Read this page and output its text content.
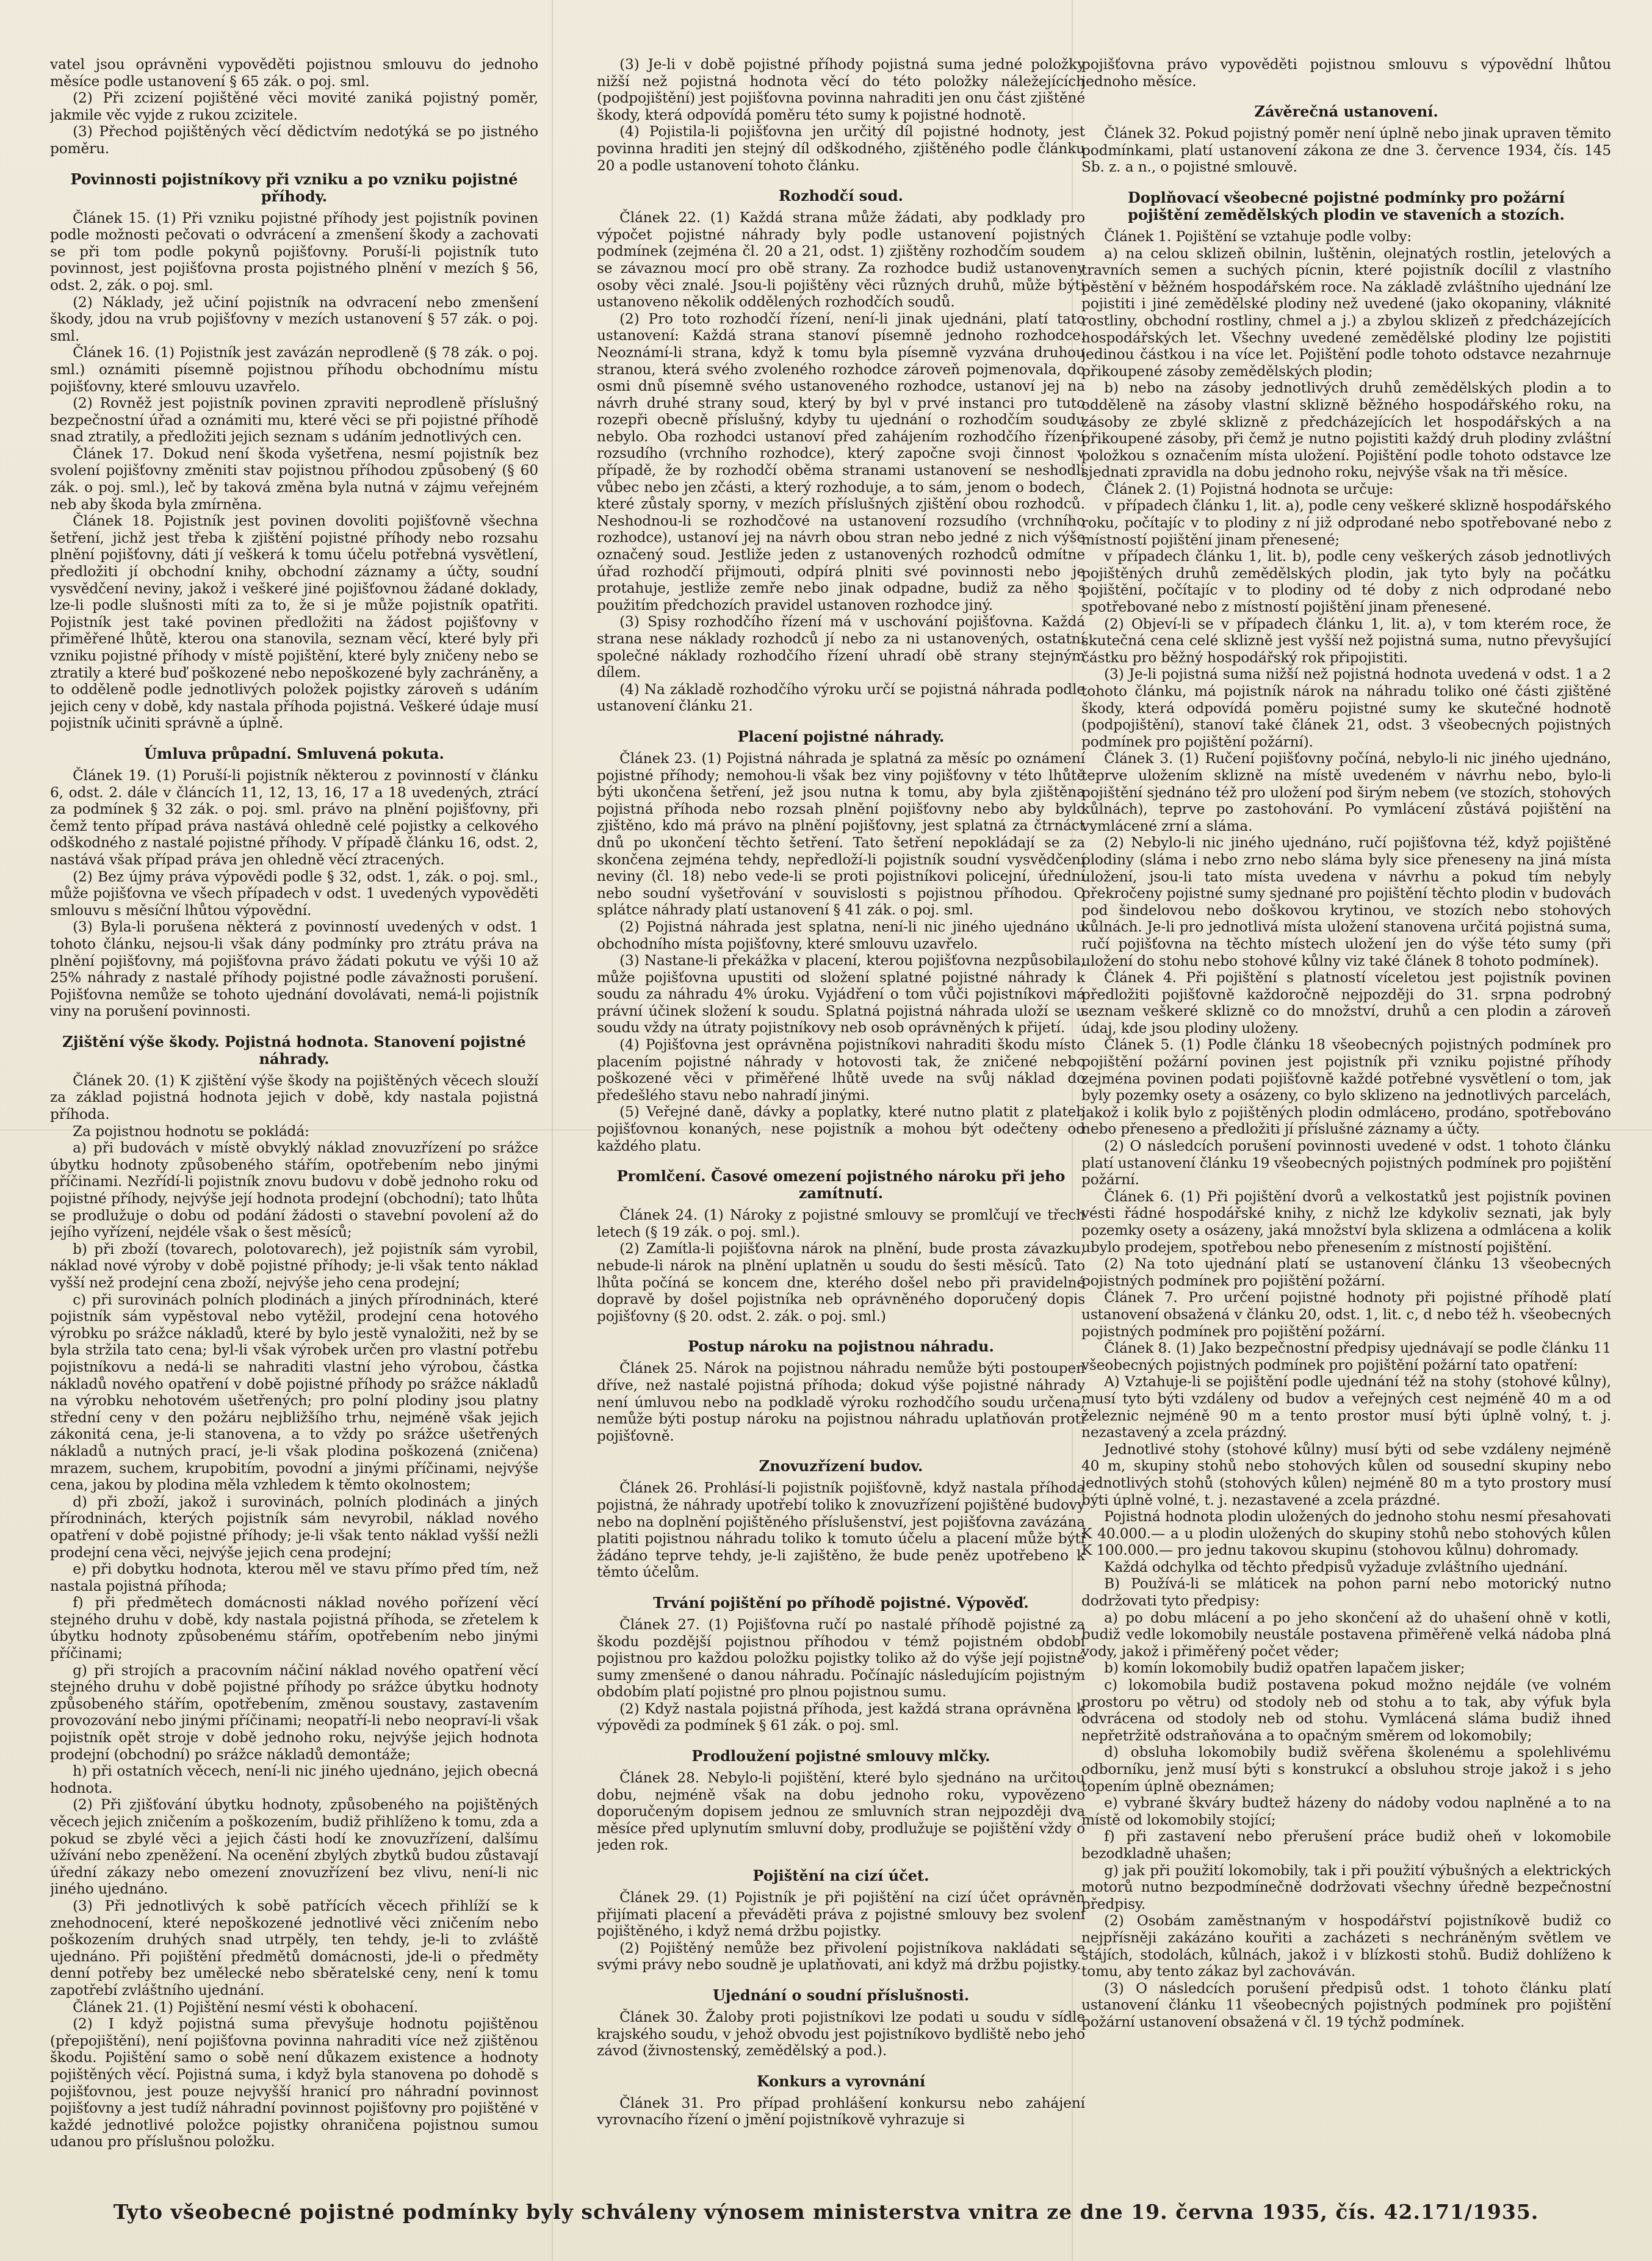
vatel jsou oprávněni vypověděti pojistnou smlouvu do jednoho měsíce podle ustanovení § 65 zák. o poj. sml.

(2) Při zcizení pojištěné věci movité zaniká pojistný poměr, jakmile věc vyjde z rukou zcizitele.

(3) Přechod pojištěných věcí dědictvím nedotýká se po jistného poměru.

Povinnosti pojistníkovy při vzniku a po vzniku pojistné příhody.

Článek 15. (1) Při vzniku pojistné příhody jest pojistník povinen podle možnosti pečovati o odvrácení a zmenšení škody a zachovati se při tom podle pokynů pojišťovny. Poruší-li pojistník tuto povinnost, jest pojišťovna prosta pojistného plnění v mezích § 56, odst. 2, zák. o poj. sml.

(2) Náklady, jež učiní pojistník na odvracení nebo zmenšení škody, jdou na vrub pojišťovny v mezích ustanovení § 57 zák. o poj. sml.

Článek 16. (1) Pojistník jest zavázán neprodleně (§ 78 zák. o poj. sml.) oznámiti písemně pojistnou příhodu obchodnímu místu pojišťovny, které smlouvu uzavřelo.

(2) Rovněž jest pojistník povinen zpraviti neprodleně příslušný bezpečnostní úřad a oznámiti mu, které věci se při pojistné příhodě snad ztratily, a předložiti jejich seznam s udáním jednotlivých cen.

Článek 17. Dokud není škoda vyšetřena, nesmí pojistník bez svolení pojišťovny změniti stav pojistnou příhodou způsobený (§ 60 zák. o poj. sml.), leč by taková změna byla nutná v zájmu veřejném neb aby škoda byla zmírněna.

Článek 18. Pojistník jest povinen dovoliti pojišťovně všechna šetření, jichž jest třeba k zjištění pojistné příhody nebo rozsahu plnění pojišťovny, dáti jí veškerá k tomu účelu potřebná vysvětlení, předložiti jí obchodní knihy, obchodní záznamy a účty, soudní vysvědčení neviny, jakož i veškeré jiné pojišťovnou žádané doklady, lze-li podle slušnosti míti za to, že si je může pojistník opatřiti. Pojistník jest také povinen předložiti na žádost pojišťovny v přiměřené lhůtě, kterou ona stanovila, seznam věcí, které byly při vzniku pojistné příhody v místě pojištění, které byly zničeny nebo se ztratily a které buď poškozené nebo nepoškozené byly zachráněny, a to odděleně podle jednotlivých položek pojistky zároveň s udáním jejich ceny v době, kdy nastala příhoda pojistná. Veškeré údaje musí pojistník učiniti správně a úplně.

Úmluva průpadní. Smluvená pokuta.

Článek 19. (1) Poruší-li pojistník některou z povinností v článku 6, odst. 2. dále v článcích 11, 12, 13, 16, 17 a 18 uvedených, ztrácí za podmínek § 32 zák. o poj. sml. právo na plnění pojišťovny, při čemž tento případ práva nastává ohledně celé pojistky a celkového odškodného z nastalé pojistné příhody. V případě článku 16, odst. 2, nastává však případ práva jen ohledně věcí ztracených.

(2) Bez újmy práva výpovědi podle § 32, odst. 1, zák. o poj. sml., může pojišťovna ve všech případech v odst. 1 uvedených vypověděti smlouvu s měsíční lhůtou výpovědní.

(3) Byla-li porušena některá z povinností uvedených v odst. 1 tohoto článku, nejsou-li však dány podmínky pro ztrátu práva na plnění pojišťovny, má pojišťovna právo žádati pokutu ve výši 10 až 25% náhrady z nastalé příhody pojistné podle závažnosti porušení. Pojišťovna nemůže se tohoto ujednání dovolávati, nemá-li pojistník viny na porušení povinnosti.

Zjištění výše škody. Pojistná hodnota. Stanovení pojistné náhrady.

Článek 20. (1) K zjištění výše škody na pojištěných věcech slouží za základ pojistná hodnota jejich v době, kdy nastala pojistná příhoda.

Za pojistnou hodnotu se pokládá:

a) při budovách v místě obvyklý náklad znovuzřízení po srážce úbytku hodnoty způsobeného stářím, opotřebením nebo jinými příčinami. Nezřídí-li pojistník znovu budovu v době jednoho roku od pojistné příhody, nejvýše její hodnota prodejní (obchodní); tato lhůta se prodlužuje o dobu od podání žádosti o stavební povolení až do jejího vyřízení, nejdéle však o šest měsíců;

b) při zboží (tovarech, polotovarech), jež pojistník sám vyrobil, náklad nové výroby v době pojistné příhody; je-li však tento náklad vyšší než prodejní cena zboží, nejvýše jeho cena prodejní;

c) při surovinách polních plodinách a jiných přírodninách, které pojistník sám vypěstoval nebo vytěžil, prodejní cena hotového výrobku po srážce nákladů, které by bylo jestě vynaložiti, než by se byla stržila tato cena; byl-li však výrobek určen pro vlastní potřebu pojistníkovu a nedá-li se nahraditi vlastní jeho výrobou, částka nákladů nového opatření v době pojistné příhody po srážce nákladů na výrobku nehotovém ušetřených; pro polní plodiny jsou platny střední ceny v den požáru nejbližšího trhu, nejméně však jejich zákonitá cena, je-li stanovena, a to vždy po srážce ušetřených nákladů a nutných prací, je-li však plodina poškozená (zničena) mrazem, suchem, krupobitím, povodní a jinými příčinami, nejvýše cena, jakou by plodina měla vzhledem k těmto okolnostem;

d) při zboží, jakož i surovinách, polních plodinách a jiných přírodninách, kterých pojistník sám nevyrobil, náklad nového opatření v době pojistné příhody; je-li však tento náklad vyšší nežli prodejní cena věci, nejvýše jejich cena prodejní;

e) při dobytku hodnota, kterou měl ve stavu přímo před tím, než nastala pojistná příhoda;

f) při předmětech domácnosti náklad nového pořízení věcí stejného druhu v době, kdy nastala pojistná příhoda, se zřetelem k úbytku hodnoty způsobenému stářím, opotřebením nebo jinými příčinami;

g) při strojích a pracovním náčiní náklad nového opatření věcí stejného druhu v době pojistné příhody po srážce úbytku hodnoty způsobeného stářím, opotřebením, změnou soustavy, zastavením provozování nebo jinými příčinami; neopatří-li nebo neopraví-li však pojistník opět stroje v době jednoho roku, nejvýše jejich hodnota prodejní (obchodní) po srážce nákladů demontáže;

h) při ostatních věcech, není-li nic jiného ujednáno, jejich obecná hodnota.

(2) Při zjišťování úbytku hodnoty, způsobeného na pojištěných věcech jejich zničením a poškozením, budiž přihlíženo k tomu, zda a pokud se zbylé věci a jejich části hodí ke znovuzřízení, dalšímu užívání nebo zpeněžení. Na ocenění zbylých zbytků budou zůstavají úřední zákazy nebo omezení znovuzřízení bez vlivu, není-li nic jiného ujednáno.

(3) Při jednotlivých k sobě patřících věcech přihlíží se k znehodnocení, které nepoškozené jednotlivé věci zničením nebo poškozením druhých snad utrpěly, ten tehdy, je-li to zvláště ujednáno. Při pojištění předmětů domácnosti, jde-li o předměty denní potřeby bez umělecké nebo sběratelské ceny, není k tomu zapotřebí zvláštního ujednání.

Článek 21. (1) Pojištění nesmí vésti k obohacení.

(2) I když pojistná suma převyšuje hodnotu pojištěnou (přepojištění), není pojišťovna povinna nahraditi více než zjištěnou škodu. Pojištění samo o sobě není důkazem existence a hodnoty pojištěných věcí. Pojistná suma, i když byla stanovena po dohodě s pojišťovnou, jest pouze nejvyšší hranicí pro náhradní povinnost pojišťovny a jest tudíž náhradní povinnost pojišťovny pro pojištěné v každé jednotlivé položce pojistky ohraničena pojistnou sumou udanou pro příslušnou položku.

(3) Je-li v době pojistné příhody pojistná suma jedné položky nižší než pojistná hodnota věcí do této položky náležejících (podpojištění) jest pojišťovna povinna nahraditi jen onu část zjištěné škody, která odpovídá poměru této sumy k pojistné hodnotě.

(4) Pojistila-li pojišťovna jen určitý díl pojistné hodnoty, jest povinna hraditi jen stejný díl odškodného, zjištěného podle článku 20 a podle ustanovení tohoto článku.

Rozhodčí soud.

Článek 22. (1) Každá strana může žádati, aby podklady pro výpočet pojistné náhrady byly podle ustanovení pojistných podmínek (zejména čl. 20 a 21, odst. 1) zjištěny rozhodčím soudem se závaznou mocí pro obě strany. Za rozhodce budiž ustanoveny osoby věci znalé. Jsou-li pojištěny věci různých druhů, může býti ustanoveno několik oddělených rozhodčích soudů.

(2) Pro toto rozhodčí řízení, není-li jinak ujednáni, platí tato ustanovení: Každá strana stanoví písemně jednoho rozhodce. Neoznámí-li strana, když k tomu byla písemně vyzvána druhou stranou, která svého zvoleného rozhodce zároveň pojmenovala, do osmi dnů písemně svého ustanoveného rozhodce, ustanoví jej na návrh druhé strany soud, který by byl v prvé instanci pro tuto rozepři obecně příslušný, kdyby tu ujednání o rozhodčím soudu nebylo. Oba rozhodci ustanoví před zahájením rozhodčího řízení rozsudího (vrchního rozhodce), který započne svoji činnost v případě, že by rozhodčí oběma stranami ustanovení se neshodli vůbec nebo jen zčásti, a který rozhoduje, a to sám, jenom o bodech, které zůstaly sporny, v mezích příslušných zjištění obou rozhodců. Neshodnou-li se rozhodčové na ustanovení rozsudího (vrchního rozhodce), ustanoví jej na návrh obou stran nebo jedné z nich výše označený soud. Jestliže jeden z ustanovených rozhodců odmítne úřad rozhodčí přijmouti, odpírá plniti své povinnosti nebo je protahuje, jestliže zemře nebo jinak odpadne, budiž za něho s použitím předchozích pravidel ustanoven rozhodce jiný.

(3) Spisy rozhodčího řízení má v uschování pojišťovna. Každá strana nese náklady rozhodců jí nebo za ni ustanovených, ostatní společné náklady rozhodčího řízení uhradí obě strany stejným dílem.

(4) Na základě rozhodčího výroku určí se pojistná náhrada podle ustanovení článku 21.

Placení pojistné náhrady.

Článek 23. (1) Pojistná náhrada je splatná za měsíc po oznámení pojistné příhody; nemohou-li však bez viny pojišťovny v této lhůtě býti ukončena šetření, jež jsou nutna k tomu, aby byla zjištěna pojistná příhoda nebo rozsah plnění pojišťovny nebo aby bylo zjištěno, kdo má právo na plnění pojišťovny, jest splatná za čtrnáct dnů po ukončení těchto šetření. Tato šetření nepokládají se za skončena zejména tehdy, nepředloží-li pojistník soudní vysvědčení neviny (čl. 18) nebo vede-li se proti pojistníkovi policejní, úřední nebo soudní vyšetřování v souvislosti s pojistnou příhodou. O splátce náhrady platí ustanovení § 41 zák. o poj. sml.

(2) Pojistná náhrada jest splatna, není-li nic jiného ujednáno u obchodního místa pojišťovny, které smlouvu uzavřelo.

(3) Nastane-li překážka v placení, kterou pojišťovna nezpůsobila, může pojišťovna upustiti od složení splatné pojistné náhrady k soudu za náhradu 4% úroku. Vyjádření o tom vůči pojistníkovi má právní účinek složení k soudu. Splatná pojistná náhrada uloží se u soudu vždy na útraty pojistníkovy neb osob oprávněných k přijetí.

(4) Pojišťovna jest oprávněna pojistníkovi nahraditi škodu místo placením pojistné náhrady v hotovosti tak, že zničené nebo poškozené věci v přiměřené lhůtě uvede na svůj náklad do předešlého stavu nebo nahradí jinými.

(5) Veřejné daně, dávky a poplatky, které nutno platit z plateb pojišťovnou konaných, nese pojistník a mohou být odečteny od každého platu.

Promlčení. Časové omezení pojistného nároku při jeho zamítnutí.

Článek 24. (1) Nároky z pojistné smlouvy se promlčují ve třech letech (§ 19 zák. o poj. sml.).

(2) Zamítla-li pojišťovna nárok na plnění, bude prosta závazku, nebude-li nárok na plnění uplatněn u soudu do šesti měsíců. Tato lhůta počíná se koncem dne, kterého došel nebo při pravidelné dopravě by došel pojistníka neb oprávněného doporučený dopis pojišťovny (§ 20. odst. 2. zák. o poj. sml.)

Postup nároku na pojistnou náhradu.

Článek 25. Nárok na pojistnou náhradu nemůže býti postoupen dříve, než nastalé pojistná příhoda; dokud výše pojistné náhrady není úmluvou nebo na podkladě výroku rozhodčího soudu určena, nemůže býti postup nároku na pojistnou náhradu uplatňován proti pojišťovně.

Znovuzřízení budov.

Článek 26. Prohlásí-li pojistník pojišťovně, když nastala příhoda pojistná, že náhrady upotřebí toliko k znovuzřízení pojištěné budovy nebo na doplnění pojištěného příslušenství, jest pojišťovna zavázána platiti pojistnou náhradu toliko k tomuto účelu a placení může býti žádáno teprve tehdy, je-li zajištěno, že bude peněz upotřebeno k těmto účelům.

Trvání pojištění po příhodě pojistné. Výpověď.

Článek 27. (1) Pojišťovna ručí po nastalé příhodě pojistné za škodu pozdější pojistnou příhodou v témž pojistném období pojistnou pro každou položku pojistky toliko až do výše její pojistné sumy zmenšené o danou náhradu. Počínajíc následujícím pojistným obdobím platí pojistné pro plnou pojistnou sumu.

(2) Když nastala pojistná příhoda, jest každá strana oprávněna k výpovědi za podmínek § 61 zák. o poj. sml.

Prodloužení pojistné smlouvy mlčky.

Článek 28. Nebylo-li pojištění, které bylo sjednáno na určitou dobu, nejméně však na dobu jednoho roku, vypovězeno doporučeným dopisem jednou ze smluvních stran nejpozději dva měsíce před uplynutím smluvní doby, prodlužuje se pojištění vždy o jeden rok.

Pojištění na cizí účet.

Článek 29. (1) Pojistník je při pojištění na cizí účet oprávněn přijímati placení a převáděti práva z pojistné smlouvy bez svolení pojištěného, i když nemá držbu pojistky.

(2) Pojištěný nemůže bez přivolení pojistníkova nakládati se svými právy nebo soudně je uplatňovati, ani když má držbu pojistky.

Ujednání o soudní příslušnosti.

Článek 30. Žaloby proti pojistníkovi lze podati u soudu v sídle krajského soudu, v jehož obvodu jest pojistníkovo bydliště nebo jeho závod (živnostenský, zemědělský a pod.).

Konkurs a vyrovnání

Článek 31. Pro případ prohlášení konkursu nebo zahájení vyrovnacího řízení o jmění pojistníkově vyhrazuje si

pojišťovna právo vypověděti pojistnou smlouvu s výpovědní lhůtou jednoho měsíce.

Závěrečná ustanovení.

Článek 32. Pokud pojistný poměr není úplně nebo jinak upraven těmito podmínkami, platí ustanovení zákona ze dne 3. července 1934, čís. 145 Sb. z. a n., o pojistné smlouvě.

Doplňovací všeobecné pojistné podmínky pro požární pojištění zemědělských plodin ve staveních a stozích.

Článek 1. Pojištění se vztahuje podle volby:

a) na celou sklizeň obilnin, luštěnin, olejnatých rostlin, jetelových a travních semen a suchých pícnin, které pojistník docílil z vlastního pěstění v běžném hospodářském roce. Na základě zvláštního ujednání lze pojistiti i jiné zemědělské plodiny než uvedené (jako okopaniny, vláknité rostliny, obchodní rostliny, chmel a j.) a zbylou sklizeň z předcházejících hospodářských let. Všechny uvedené zemědělské plodiny lze pojistiti jedinou částkou i na více let. Pojištění podle tohoto odstavce nezahrnuje přikoupené zásoby zemědělských plodin;

b) nebo na zásoby jednotlivých druhů zemědělských plodin a to odděleně na zásoby vlastní sklizně běžného hospodářského roku, na zásoby ze zbylé sklizně z předcházejících let hospodářských a na přikoupené zásoby, při čemž je nutno pojistiti každý druh plodiny zvláštní položkou s označením místa uložení. Pojištění podle tohoto odstavce lze sjednati zpravidla na dobu jednoho roku, nejvýše však na tři měsíce.

Článek 2. (1) Pojistná hodnota se určuje:

v případech článku 1, lit. a), podle ceny veškeré sklizně hospodářského roku, počítajíc v to plodiny z ní již odprodané nebo spotřebované nebo z místností pojištění jinam přenesené;

v případech článku 1, lit. b), podle ceny veškerých zásob jednotlivých pojištěných druhů zemědělských plodin, jak tyto byly na počátku pojištění, počítajíc v to plodiny od té doby z nich odprodané nebo spotřebované nebo z místností pojištění jinam přenesené.

(2) Objeví-li se v případech článku 1, lit. a), v tom kterém roce, že skutečná cena celé sklizně jest vyšší než pojistná suma, nutno převyšující částku pro běžný hospodářský rok připojistiti.

(3) Je-li pojistná suma nižší než pojistná hodnota uvedená v odst. 1 a 2 tohoto článku, má pojistník nárok na náhradu toliko oné části zjištěné škody, která odpovídá poměru pojistné sumy ke skutečné hodnotě (podpojištění), stanoví také článek 21, odst. 3 všeobecných pojistných podmínek pro pojištění požární).

Článek 3. (1) Ručení pojišťovny počíná, nebylo-li nic jiného ujednáno, teprve uložením sklizně na místě uvedeném v návrhu nebo, bylo-li pojištění sjednáno též pro uložení pod širým nebem (ve stozích, stohových kůlnách), teprve po zastohování. Po vymlácení zůstává pojištění na vymlácené zrní a sláma.

(2) Nebylo-li nic jiného ujednáno, ručí pojišťovna též, když pojištěné plodiny (sláma i nebo zrno nebo sláma byly sice přeneseny na jiná místa uložení, jsou-li tato místa uvedena v návrhu a pokud tím nebyly překročeny pojistné sumy sjednané pro pojištění těchto plodin v budovách pod šindelovou nebo doškovou krytinou, ve stozích nebo stohových kůlnách. Je-li pro jednotlivá místa uložení stanovena určitá pojistná suma, ručí pojišťovna na těchto místech uložení jen do výše této sumy (při uložení do stohu nebo stohové kůlny viz také článek 8 tohoto podmínek).

Článek 4. Při pojištění s platností víceletou jest pojistník povinen předložiti pojišťovně každoročně nejpozději do 31. srpna podrobný seznam veškeré sklizně co do množství, druhů a cen plodin a zároveň údaj, kde jsou plodiny uloženy.

Článek 5. (1) Podle článku 18 všeobecných pojistných podmínek pro pojištění požární povinen jest pojistník při vzniku pojistné příhody zejména povinen podati pojišťovně každé potřebné vysvětlení o tom, jak byly pozemky osety a osázeny, co bylo sklizeno na jednotlivých parcelách, jakož i kolik bylo z pojištěných plodin odmlácено, prodáno, spotřebováno nebo přeneseno a předložiti jí příslušné záznamy a účty.

(2) O následcích porušení povinnosti uvedené v odst. 1 tohoto článku platí ustanovení článku 19 všeobecných pojistných podmínek pro pojištění požární.

Článek 6. (1) Při pojištění dvorů a velkostatků jest pojistník povinen vésti řádné hospodářské knihy, z nichž lze kdykoliv seznati, jak byly pozemky osety a osázeny, jaká množství byla sklizena a odmlácena a kolik ubylo prodejem, spotřebou nebo přenesením z místností pojištění.

(2) Na toto ujednání platí se ustanovení článku 13 všeobecných pojistných podmínek pro pojištění požární.

Článek 7. Pro určení pojistné hodnoty při pojistné příhodě platí ustanovení obsažená v článku 20, odst. 1, lit. c, d nebo též h. všeobecných pojistných podmínek pro pojištění požární.

Článek 8. (1) Jako bezpečnostní předpisy ujednávají se podle článku 11 všeobecných pojistných podmínek pro pojištění požární tato opatření:

A) Vztahuje-li se pojištění podle ujednání též na stohy (stohové kůlny), musí tyto býti vzdáleny od budov a veřejných cest nejméně 40 m a od železnic nejméně 90 m a tento prostor musí býti úplně volný, t. j. nezastavený a zcela prázdný.

Jednotlivé stohy (stohové kůlny) musí býti od sebe vzdáleny nejméně 40 m, skupiny stohů nebo stohových kůlen od sousední skupiny nebo jednotlivých stohů (stohových kůlen) nejméně 80 m a tyto prostory musí býti úplně volné, t. j. nezastavené a zcela prázdné.

Pojistná hodnota plodin uložených do jednoho stohu nesmí přesahovati K 40.000.— a u plodin uložených do skupiny stohů nebo stohových kůlen K 100.000.— pro jednu takovou skupinu (stohovou kůlnu) dohromady.

Každá odchylka od těchto předpisů vyžaduje zvláštního ujednání.

B) Používá-li se mláticek na pohon parní nebo motorický nutno dodržovati tyto předpisy:

a) po dobu mlácení a po jeho skončení až do uhašení ohně v kotli, budiž vedle lokomobily neustále postavena přiměřeně velká nádoba plná vody, jakož i přiměřený počet věder;

b) komín lokomobily budiž opatřen lapačem jisker;

c) lokomobila budiž postavena pokud možno nejdále (ve volném prostoru po větru) od stodoly neb od stohu a to tak, aby výfuk byla odvrácena od stodoly neb od stohu. Vymlácená sláma budiž ihned nepřetržitě odstraňována a to opačným směrem od lokomobily;

d) obsluha lokomobily budiž svěřena školenému a spolehlivému odborníku, jenž musí býti s konstrukcí a obsluhou stroje jakož i s jeho topením úplně obeznámen;

e) vybrané škváry budtež házeny do nádoby vodou naplněné a to na místě od lokomobily stojící;

f) při zastavení nebo přerušení práce budiž oheň v lokomobile bezodkladně uhašen;

g) jak při použití lokomobily, tak i při použití výbušných a elektrických motorů nutno bezpodmínečně dodržovati všechny úředně bezpečnostní předpisy.

(2) Osobám zaměstnaným v hospodářství pojistníkově budiž co nejpřísněji zakázáno kouřiti a zacházeti s nechráněným světlem ve stájích, stodolách, kůlnách, jakož i v blízkosti stohů. Budiž dohlíženo k tomu, aby tento zákaz byl zachováván.

(3) O následcích porušení předpisů odst. 1 tohoto článku platí ustanovení článku 11 všeobecných pojistných podmínek pro pojištění požární ustanovení obsažená v čl. 19 týchž podmínek.

Tyto všeobecné pojistné podmínky byly schváleny výnosem ministerstva vnitra ze dne 19. června 1935, čís. 42.171/1935.
